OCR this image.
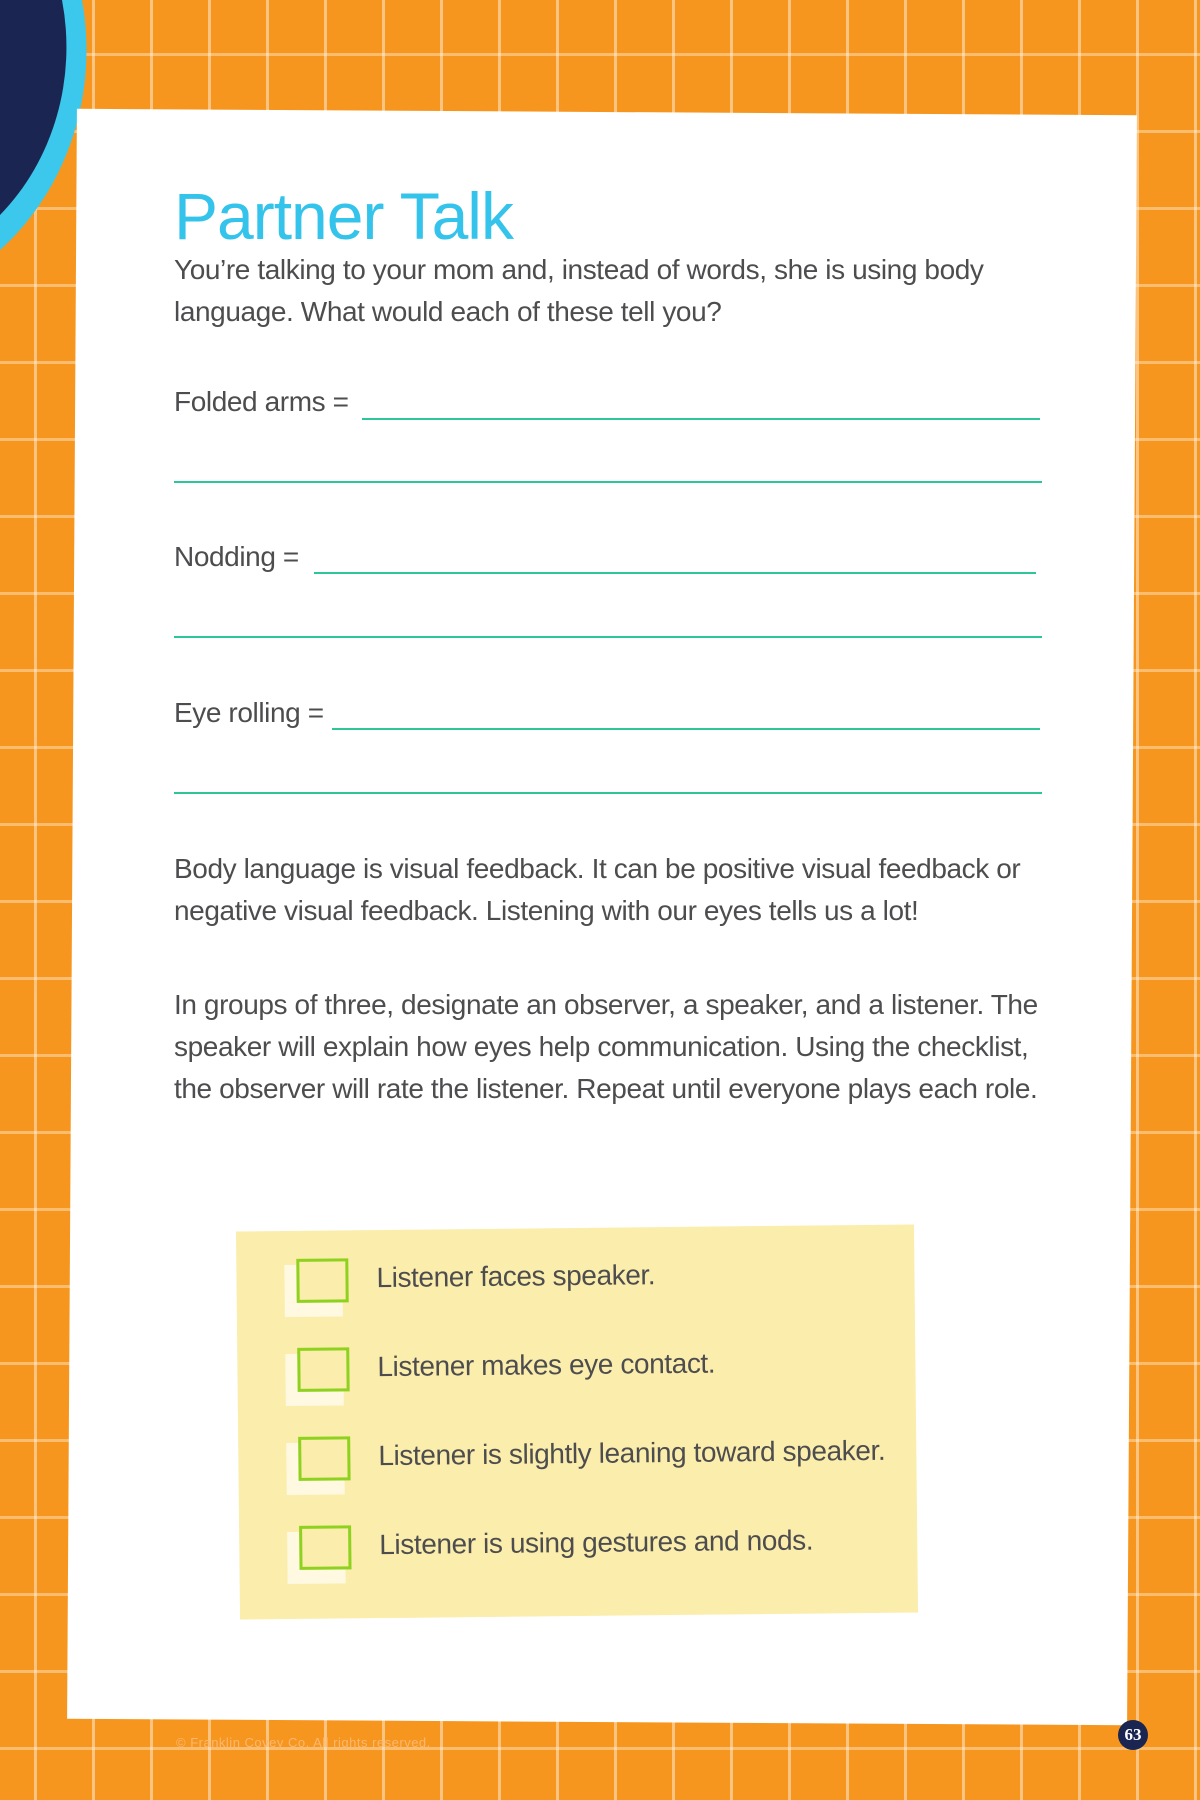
Partner Talk

You’re talking to your mom and, instead of words, she is using body language. What would each of these tell you?

Folded arms =
Nodding =
Eye rolling =

Body language is visual feedback. It can be positive visual feedback or negative visual feedback. Listening with our eyes tells us a lot!

In groups of three, designate an observer, a speaker, and a listener. The speaker will explain how eyes help communication. Using the checklist, the observer will rate the listener. Repeat until everyone plays each role.

Listener faces speaker.
Listener makes eye contact.
Listener is slightly leaning toward speaker.
Listener is using gestures and nods.
© Franklin Covey Co. All rights reserved.	63
